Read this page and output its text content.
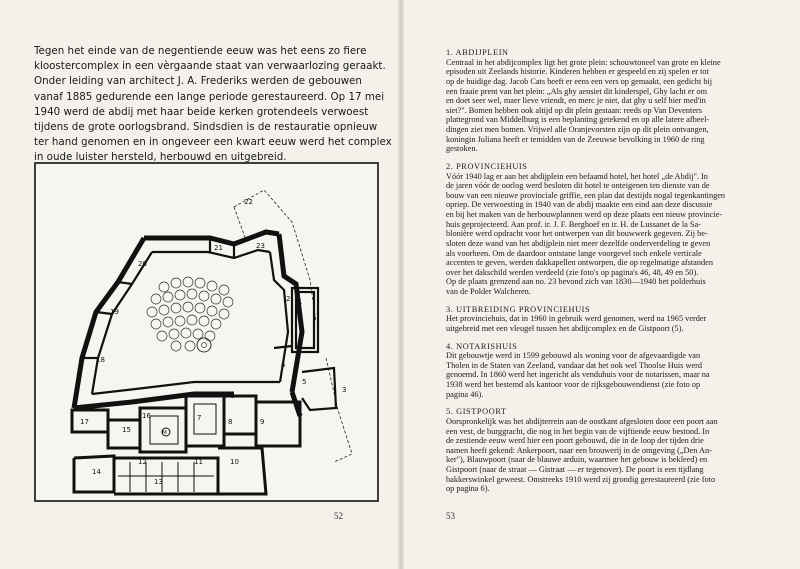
Tegen het einde van de negentiende eeuw was het eens zo fiere
kloostercomplex in een vèrgaande staat van verwaarlozing geraakt.
Onder leiding van architect J. A. Frederiks werden de gebouwen
vanaf 1885 gedurende een lange periode gerestaureerd. Op 17 mei
1940 werd de abdij met haar beide kerken grotendeels verwoest
tijdens de grote oorlogsbrand. Sindsdien is de restauratie opnieuw
ter hand genomen en in ongeveer een kwart eeuw werd het complex
in oude luister hersteld, herbouwd en uitgebreid.
1
2
3
4
5
6
7	8	9
10
11
12
13
14
15
16
17
18
19
20
21
22
23
M
52
1. ABDIJPLEIN
Centraal in het abdijcomplex ligt het grote plein: schouwtoneel van grote en kleine
episoden uit Zeelands historie. Kinderen hebben er gespeeld en zij spelen er tot
op de huidige dag. Jacob Cats heeft er eens een vers op gemaakt, een gedicht bij
een fraaie prent van het plein: „Als ghy aensiet dit kinderspel, Ghy lacht er om
en doet seer wel, maer lieve vriendt, en merc je niet, dat ghy u self hier med'in
siet?". Bomen hebben ook altijd op dit plein gestaan: reeds op Van Deventers
plattegrond van Middelburg is een beplanting getekend en op alle latere afbeel-
dingen ziet men bomen. Vrijwel alle Oranjevorsten zijn op dit plein ontvangen,
koningin Juliana heeft er temidden van de Zeeuwse bevolking in 1960 de ring
gestoken.
2. PROVINCIEHUIS
Vóór 1940 lag er aan het abdijplein een befaamd hotel, het hotel „de Abdij". In
de jaren vóór de oorlog werd besloten dit hotel te onteigenen ten dienste van de
bouw van een nieuwe provinciale griffie, een plan dat destijds nogal tegenkantingen
opriep. De verwoesting in 1940 van de abdij maakte een eind aan deze discussie
en bij het maken van de herbouwplannen werd op deze plaats een nieuw provincie-
huis geprojecteerd. Aan prof. ir. J. F. Berghoef en ir. H. de Lussanet de la Sa-
blonière werd opdracht voor het ontwerpen van dit bouwwerk gegeven. Zij be-
sloten deze wand van het abdijplein niet meer dezelfde onderverdeling te geven
als voorheen. Om de daardoor ontstane lange voorgevel toch enkele verticale
accenten te geven, werden dakkapellen ontworpen, die op regelmatige afstanden
over het dakschild werden verdeeld (zie foto's op pagina's 46, 48, 49 en 50).
Op de plaats grenzend aan no. 23 bevond zich van 1830—1940 het polderhuis
van de Polder Walcheren.
3. UITBREIDING PROVINCIEHUIS
Het provinciehuis, dat in 1960 in gebruik werd genomen, werd na 1965 verder
uitgebreid met een vleugel tussen het abdijcomplex en de Gistpoort (5).
4. NOTARISHUIS
Dit gebouwtje werd in 1599 gebouwd als woning voor de afgevaardigde van
Tholen in de Staten van Zeeland, vandaar dat het ook wel Thoolse Huis werd
genoemd. In 1860 werd het ingericht als venduhuis voor de notarissen, maar na
1938 werd het bestemd als kantoor voor de rijksgebouwendienst (zie foto op
pagina 46).
5. GISTPOORT
Oorspronkelijk was het abdijterrein aan de oostkant afgesloten door een poort aan
een vest, de burggracht, die nog in het begin van de vijftiende eeuw bestond. In
de zestiende eeuw werd hier een poort gebouwd, die in de loop der tijden drie
namen heeft gekend: Ankerpoort, naar een brouwerij in de omgeving („Den An-
ker"), Blauwpoort (naar de blauwe arduin, waarmee het gebouw is bekleed) en
Gistpoort (naar de straat — Gistraat — er tegenover). De poort is een tijdlang
bakkerswinkel geweest. Omstreeks 1910 werd zij grondig gerestaureerd (zie foto
op pagina 6).
53
